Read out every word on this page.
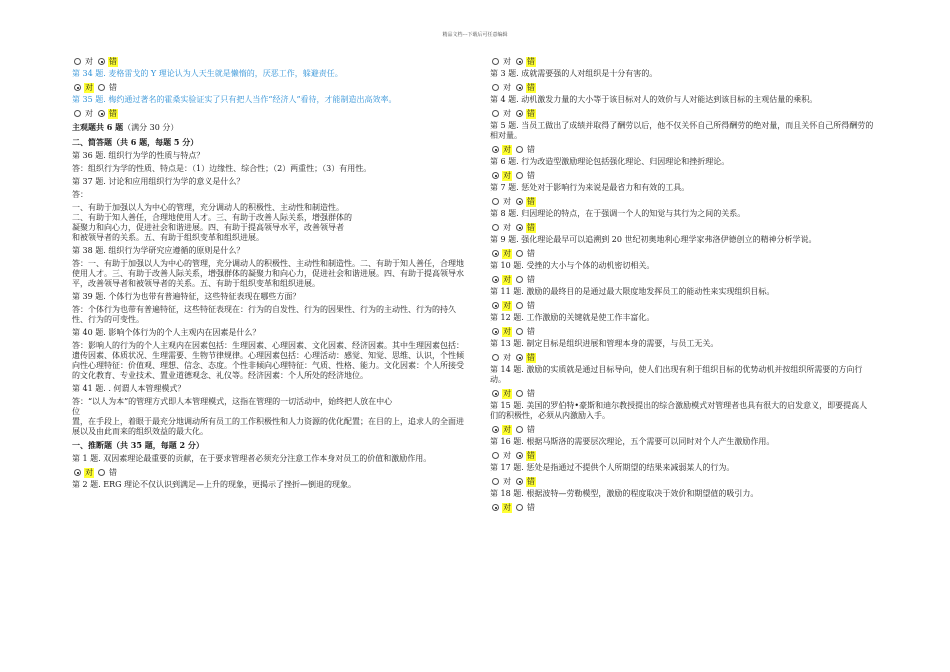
精品文档---下载后可任意编辑
对 错

第 34 题. 麦格雷戈的 Y 理论认为人天生就是懒惰的，厌恶工作，躲避责任。

对 错

第 35 题. 梅约通过著名的霍桑实验证实了只有把人当作“经济人”看待，才能制造出高效率。

对 错

主观题共 6 题（满分 30 分）

二、简答题（共 6 题，每题 5 分）

第 36 题. 组织行为学的性质与特点？

答：组织行为学的性质、特点是：（1）边缘性、综合性；（2）两重性；（3）有用性。

第 37 题. 讨论和应用组织行为学的意义是什么？

答：

一、有助于加强以人为中心的管理，充分调动人的积极性、主动性和制造性。

二、有助于知人善任，合理地使用人才。三、有助于改善人际关系，增强群体的

凝聚力和向心力，促进社会和谐进展。四、有助于提高领导水平，改善领导者

和被领导者的关系。五、有助于组织变革和组织进展。

第 38 题. 组织行为学研究应遵循的原则是什么？

答：一、有助于加强以人为中心的管理，充分调动人的积极性、主动性和制造性。二、有助于知人善任，合理地使用人才。三、有助于改善人际关系，增强群体的凝聚力和向心力，促进社会和谐进展。四、有助于提高领导水平，改善领导者和被领导者的关系。五、有助于组织变革和组织进展。

第 39 题. 个体行为也带有普遍特征，这些特征表现在哪些方面？

答：个体行为也带有普遍特征，这些特征表现在：行为的自发性、行为的因果性、行为的主动性、行为的持久性、行为的可变性。

第 40 题. 影响个体行为的个人主观内在因素是什么？

答：影响人的行为的个人主观内在因素包括：生理因素、心理因素、文化因素、经济因素。其中生理因素包括：遗传因素、体质状况、生理需要、生物节律规律。心理因素包括：心理活动：感觉、知觉、思维、认识，个性倾向性心理特征：价值观、理想、信念、态度。个性非倾向心理特征：气质、性格、能力。文化因素：个人所接受的文化教育、专业技术、置业道德观念、礼仪等。经济因素：个人所处的经济地位。

第 41 题. . 何谓人本管理模式？

答：“以人为本”的管理方式即人本管理模式，这指在管理的一切活动中，始终把人放在中心

位

置，在手段上，着眼于最充分地调动所有员工的工作积极性和人力资源的优化配置；在目的上，追求人的全面进展以及由此而来的组织效益的最大化。

一、推断题（共 35 题，每题 2 分）

第 1 题. 双因素理论最重要的贡献，在于要求管理者必须充分注意工作本身对员工的价值和激励作用。

对 错

第 2 题. ERG 理论不仅认识到满足—上升的现象，更揭示了挫折—倒退的现象。

对 错

第 3 题. 成就需要强的人对组织是十分有害的。

对 错

第 4 题. 动机激发力量的大小等于该目标对人的效价与人对能达到该目标的主观估量的乘积。

对 错

第 5 题. 当员工做出了成绩并取得了酬劳以后，他不仅关怀自己所得酬劳的绝对量，而且关怀自己所得酬劳的相对量。

对 错

第 6 题. 行为改造型激励理论包括强化理论、归因理论和挫折理论。

对 错

第 7 题. 惩处对于影响行为来说是最省力和有效的工具。

对 错

第 8 题. 归因理论的特点，在于强调一个人的知觉与其行为之间的关系。

对 错

第 9 题. 强化理论最早可以追溯到 20 世纪初奥地利心理学家弗洛伊德创立的精神分析学说。

对 错

第 10 题. 受挫的大小与个体的动机密切相关。

对 错

第 11 题. 激励的最终目的是通过最大限度地发挥员工的能动性来实现组织目标。

对 错

第 12 题. 工作激励的关键就是使工作丰富化。

对 错

第 13 题. 制定目标是组织进展和管理本身的需要，与员工无关。

对 错

第 14 题. 激励的实质就是通过目标导向，使人们出现有利于组织目标的优势动机并按组织所需要的方向行动。

对 错

第 15 题. 美国的罗伯特•豪斯和迪尔教授提出的综合激励模式对管理者也具有很大的启发意义，即要提高人们的积极性，必须从内激励入手。

对 错

第 16 题. 根据马斯洛的需要层次理论，五个需要可以同时对个人产生激励作用。

对 错

第 17 题. 惩处是指通过不提供个人所期望的结果来减弱某人的行为。

对 错

第 18 题. 根据波特—劳勒模型，激励的程度取决于效价和期望值的吸引力。

对 错
